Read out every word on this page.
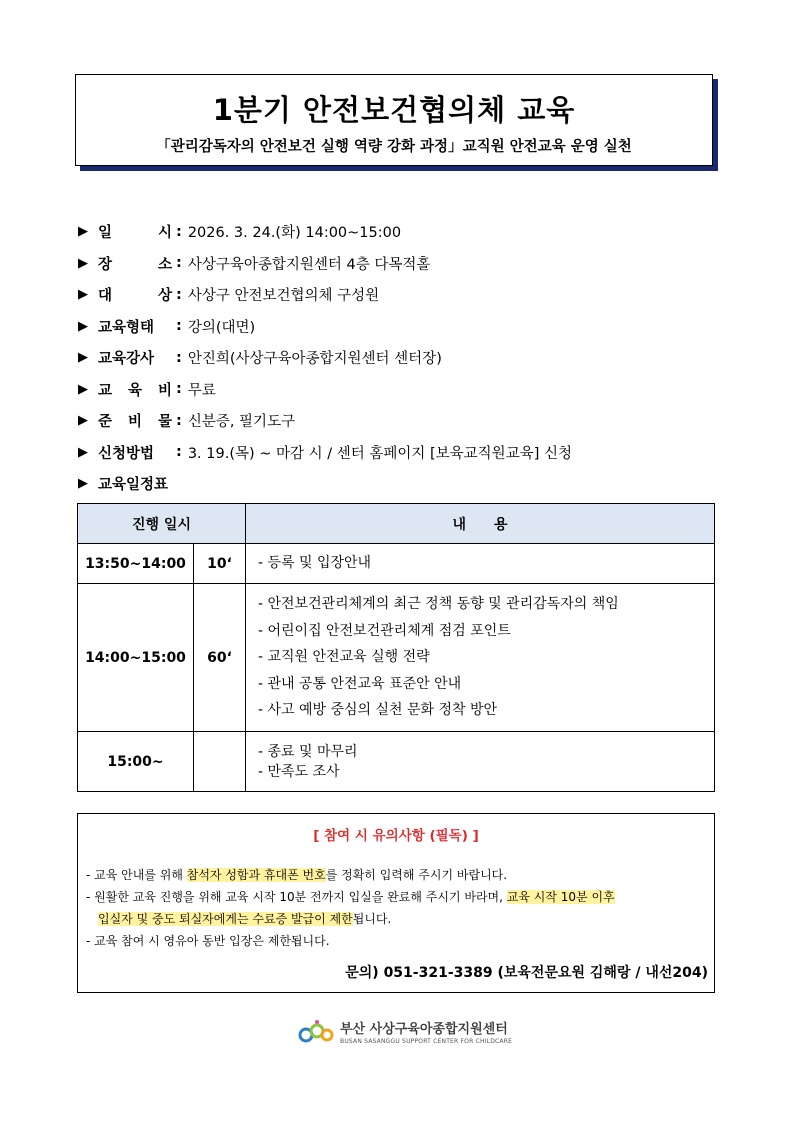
1분기 안전보건협의체 교육
「관리감독자의 안전보건 실행 역량 강화 과정」교직원 안전교육 운영 실천
▶ 일	시 : 2026. 3. 24.(화) 14:00~15:00
▶ 장	소 : 사상구육아종합지원센터 4층 다목적홀
▶ 대	상 : 사상구 안전보건협의체 구성원
▶ 교육형태	: 강의(대면)
▶ 교육강사	: 안진희(사상구육아종합지원센터 센터장)
▶ 교 육 비 : 무료
▶ 준 비 물 : 신분증, 필기도구
▶ 신청방법	: 3. 19.(목) ~ 마감 시 / 센터 홈페이지 [보육교직원교육] 신청
▶ 교육일정표
진행 일시		내　　용
13:50~14:00	10‘	- 등록 및 입장안내

14:00~15:00	60‘	- 안전보건관리체계의 최근 정책 동향 및 관리감독자의 책임
- 어린이집 안전보건관리체계 점검 포인트
- 교직원 안전교육 실행 전략
- 관내 공통 안전교육 표준안 안내
- 사고 예방 중심의 실천 문화 정착 방안

15:00~		- 종료 및 마무리
- 만족도 조사
[ 참여 시 유의사항 (필독) ]
- 교육 안내를 위해 참석자 성함과 휴대폰 번호를 정확히 입력해 주시기 바랍니다.
- 원활한 교육 진행을 위해 교육 시작 10분 전까지 입실을 완료해 주시기 바라며, 교육 시작 10분 이후
입실자 및 중도 퇴실자에게는 수료증 발급이 제한됩니다.
- 교육 참여 시 영유아 동반 입장은 제한됩니다.
문의) 051-321-3389 (보육전문요원 김해랑 / 내선204)
부산 사상구육아종합지원센터
BUSAN SASANGGU SUPPORT CENTER FOR CHILDCARE
